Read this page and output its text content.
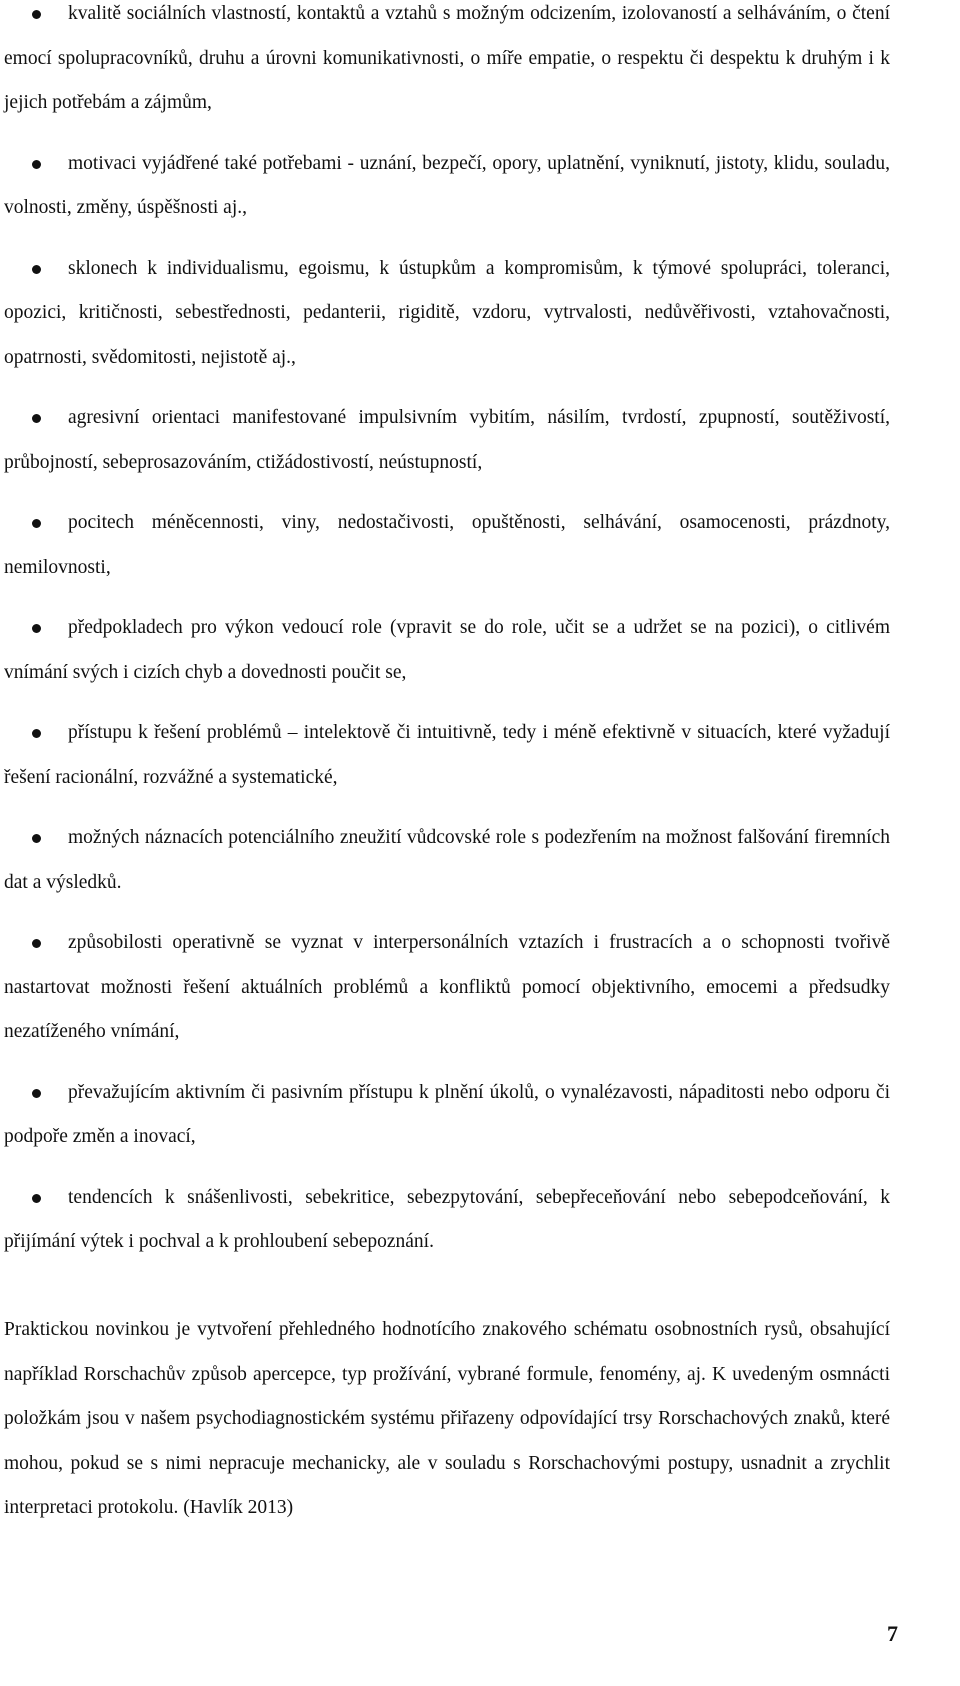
kvalitě sociálních vlastností, kontaktů a vztahů s možným odcizením, izolovaností a selháváním, o čtení emocí spolupracovníků, druhu a úrovni komunikativnosti, o míře empatie, o respektu či despektu k druhým i k jejich potřebám a zájmům,
motivaci vyjádřené také potřebami - uznání, bezpečí, opory, uplatnění, vyniknutí, jistoty, klidu, souladu, volnosti, změny, úspěšnosti aj.,
sklonech k individualismu, egoismu, k ústupkům a kompromisům, k týmové spolupráci, toleranci, opozici, kritičnosti, sebestřednosti, pedanterii, rigiditě, vzdoru, vytrvalosti, nedůvěřivosti, vztahovačnosti, opatrnosti, svědomitosti, nejistotě aj.,
agresivní orientaci manifestované impulsivním vybitím, násilím, tvrdostí, zpupností, soutěživostí, průbojností, sebeprosazováním, ctižádostivostí, neústupností,
pocitech méněcennosti, viny, nedostačivosti, opuštěnosti, selhávání, osamocenosti, prázdnoty, nemilovnosti,
předpokladech pro výkon vedoucí role (vpravit se do role, učit se a udržet se na pozici), o citlivém vnímání svých i cizích chyb a dovednosti poučit se,
přístupu k řešení problémů – intelektově či intuitivně, tedy i méně efektivně v situacích, které vyžadují řešení racionální, rozvážné a systematické,
možných náznacích potenciálního zneužití vůdcovské role s podezřením na možnost falšování firemních dat a výsledků.
způsobilosti operativně se vyznat v interpersonálních vztazích i frustracích a o schopnosti tvořivě nastartovat možnosti řešení aktuálních problémů a konfliktů pomocí objektivního, emocemi a předsudky nezatíženého vnímání,
převažujícím aktivním či pasivním přístupu k plnění úkolů, o vynalézavosti, nápaditosti nebo odporu či podpoře změn a inovací,
tendencích k snášenlivosti, sebekritice, sebezpytování, sebepřeceňování nebo sebepodceňování, k přijímání výtek i pochval a k prohloubení sebepoznání.

Praktickou novinkou je vytvoření přehledného hodnotícího znakového schématu osobnostních rysů, obsahující například Rorschachův způsob apercepce, typ prožívání, vybrané formule, fenomény, aj. K uvedeným osmnácti položkám jsou v našem psychodiagnostickém systému přiřazeny odpovídající trsy Rorschachových znaků, které mohou, pokud se s nimi nepracuje mechanicky, ale v souladu s Rorschachovými postupy, usnadnit a zrychlit interpretaci protokolu. (Havlík 2013)

7
